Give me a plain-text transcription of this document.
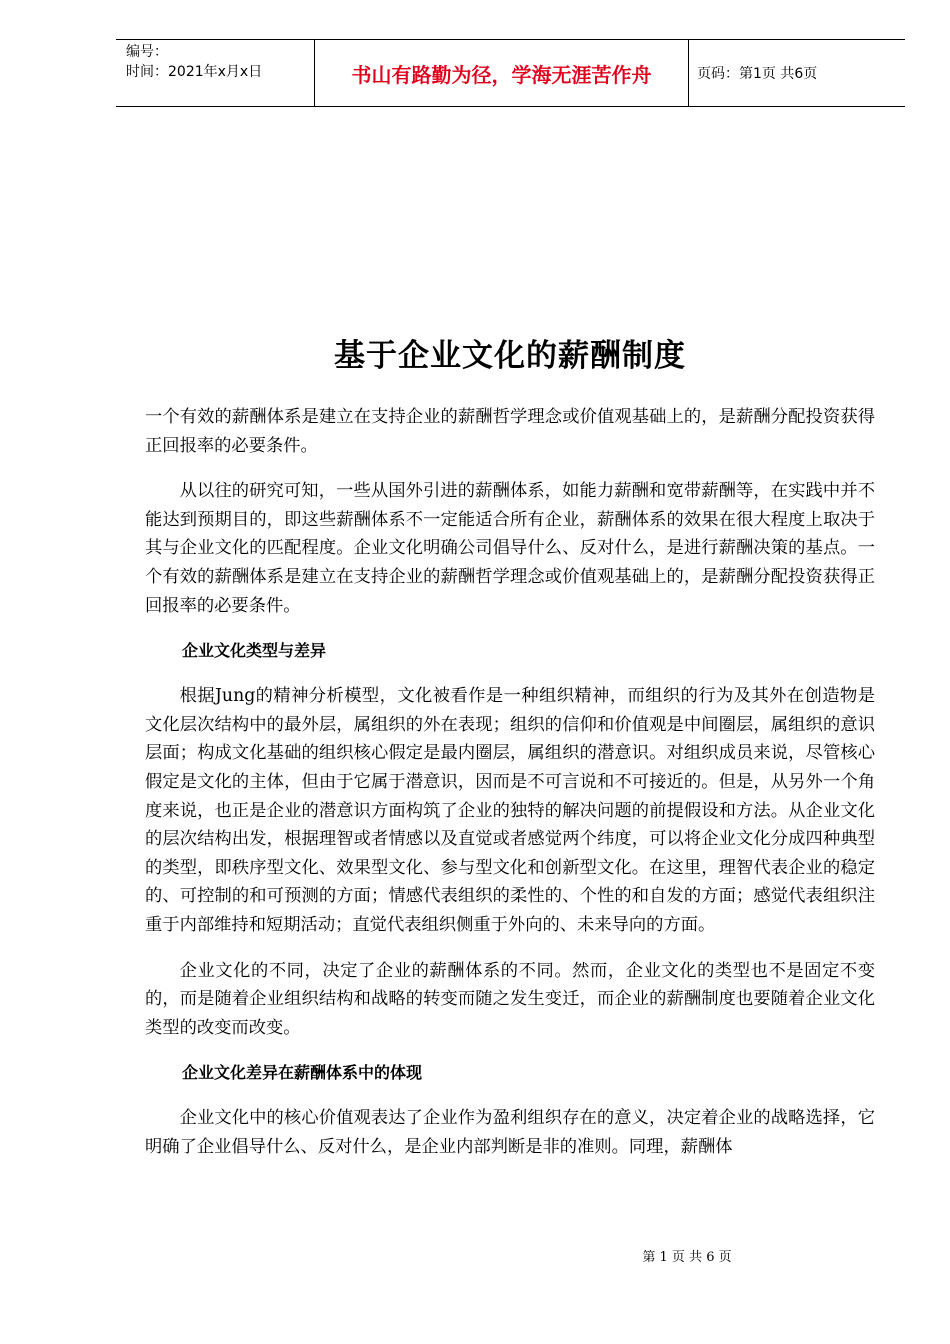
编号：
时间：2021年x月x日	书山有路勤为径，学海无涯苦作舟	页码：第1页 共6页
基于企业文化的薪酬制度

一个有效的薪酬体系是建立在支持企业的薪酬哲学理念或价值观基础上的，是薪酬分配投资获得正回报率的必要条件。

从以往的研究可知，一些从国外引进的薪酬体系，如能力薪酬和宽带薪酬等，在实践中并不能达到预期目的，即这些薪酬体系不一定能适合所有企业，薪酬体系的效果在很大程度上取决于其与企业文化的匹配程度。企业文化明确公司倡导什么、反对什么，是进行薪酬决策的基点。一个有效的薪酬体系是建立在支持企业的薪酬哲学理念或价值观基础上的，是薪酬分配投资获得正回报率的必要条件。

企业文化类型与差异

根据Jung的精神分析模型，文化被看作是一种组织精神，而组织的行为及其外在创造物是文化层次结构中的最外层，属组织的外在表现；组织的信仰和价值观是中间圈层，属组织的意识层面；构成文化基础的组织核心假定是最内圈层，属组织的潜意识。对组织成员来说，尽管核心假定是文化的主体，但由于它属于潜意识，因而是不可言说和不可接近的。但是，从另外一个角度来说，也正是企业的潜意识方面构筑了企业的独特的解决问题的前提假设和方法。从企业文化的层次结构出发，根据理智或者情感以及直觉或者感觉两个纬度，可以将企业文化分成四种典型的类型，即秩序型文化、效果型文化、参与型文化和创新型文化。在这里，理智代表企业的稳定的、可控制的和可预测的方面；情感代表组织的柔性的、个性的和自发的方面；感觉代表组织注重于内部维持和短期活动；直觉代表组织侧重于外向的、未来导向的方面。

企业文化的不同，决定了企业的薪酬体系的不同。然而，企业文化的类型也不是固定不变的，而是随着企业组织结构和战略的转变而随之发生变迁，而企业的薪酬制度也要随着企业文化类型的改变而改变。

企业文化差异在薪酬体系中的体现

企业文化中的核心价值观表达了企业作为盈利组织存在的意义，决定着企业的战略选择，它明确了企业倡导什么、反对什么，是企业内部判断是非的准则。同理，薪酬体

第 1 页 共 6 页
